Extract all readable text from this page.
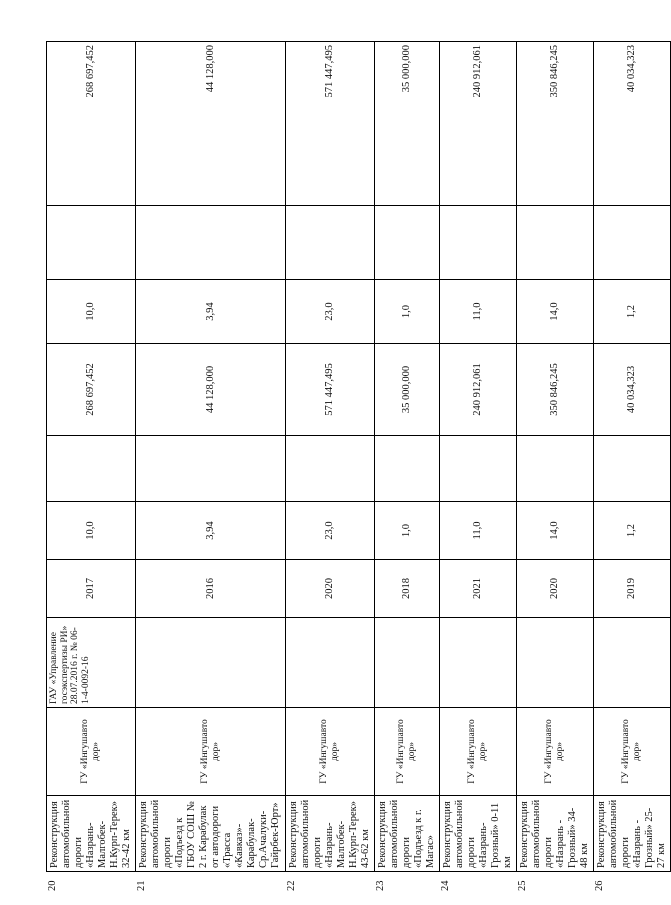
20
Реконструкция автомобильной дороги «Назрань-Малгобек-Н.Курп-Терек» 32-42 км	ГУ «Ингушавто дор»	ГАУ «Управление госэкспертизы РИ» 28.07.2016 г. № 06-1-4-0092-16	2017	10,0		268 697,452	10,0		268 697,452

21
Реконструкция автомобильной дороги «Подъезд к ГБОУ СОШ № 2 г. Карабулак от автодороги «Трасса «Кавказ»-Карабулак-Ср.Ачалуки-Гайрбек-Юрт»	ГУ «Ингушавто дор»		2016	3,94		44 128,000	3,94		44 128,000

22
Реконструкция автомобильной дороги «Назрань-Малгобек-Н.Курп-Терек» 43-62 км	ГУ «Ингушавто дор»		2020	23,0		571 447,495	23,0		571 447,495

23
Реконструкция автомобильной дороги «Подъезд к г. Магас»	ГУ «Ингушавто дор»		2018	1,0		35 000,000	1,0		35 000,000

24
Реконструкция автомобильной дороги «Назрань-Грозный» 0-11 км	ГУ «Ингушавто дор»		2021	11,0		240 912,061	11,0		240 912,061

25
Реконструкция автомобильной дороги «Назрань - Грозный» 34-48 км	ГУ «Ингушавто дор»		2020	14,0		350 846,245	14,0		350 846,245

26
Реконструкция автомобильной дороги «Назрань - Грозный» 25-27 км	ГУ «Ингушавто дор»		2019	1,2		40 034,323	1,2		40 034,323
